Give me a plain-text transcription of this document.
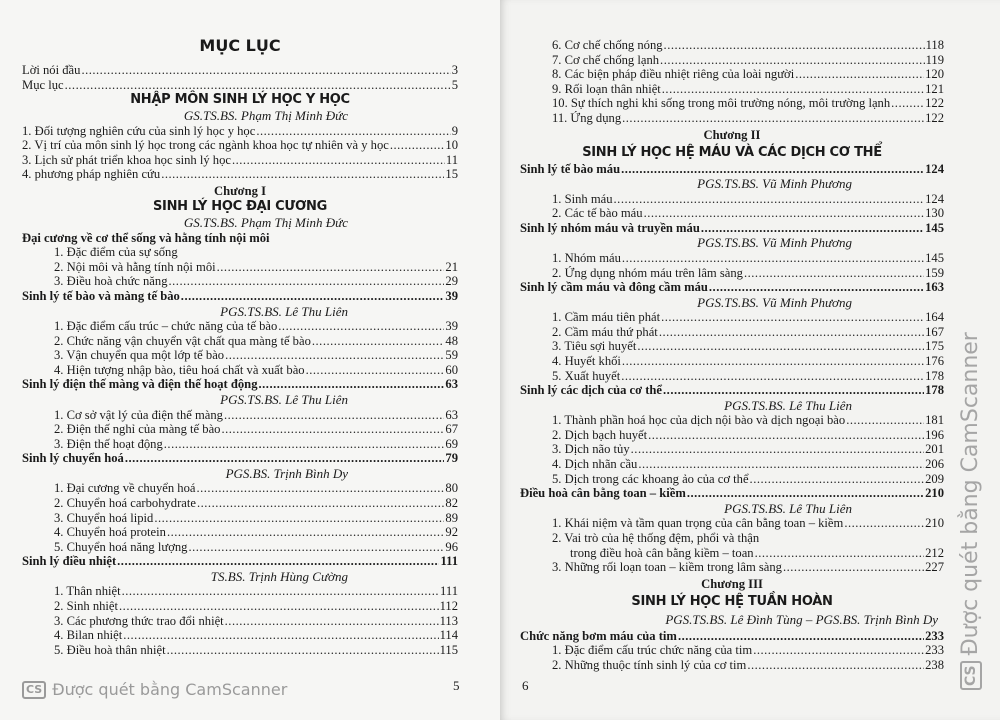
MỤC LỤC
Lời nói đầu .....	3
Mục lục .....	5
NHẬP MÔN SINH LÝ HỌC Y HỌC
GS.TS.BS. Phạm Thị Minh Đức
1. Đối tượng nghiên cứu của sinh lý học y học .....	9
2. Vị trí của môn sinh lý học trong các ngành khoa học tự nhiên và y học .....	10
3. Lịch sử phát triển khoa học sinh lý học .....	11
4. phương pháp nghiên cứu .....	15
Chương I
SINH LÝ HỌC ĐẠI CƯƠNG
GS.TS.BS. Phạm Thị Minh Đức
Đại cương về cơ thể sống và hằng tính nội môi
1. Đặc điểm của sự sống
2. Nội môi và hằng tính nội môi .....	21
3. Điều hoà chức năng .....	29
Sinh lý tế bào và màng tế bào .....	39
PGS.TS.BS. Lê Thu Liên
1. Đặc điểm cấu trúc – chức năng của tế bào .....	39
2. Chức năng vận chuyển vật chất qua màng tế bào .....	48
3. Vận chuyển qua một lớp tế bào .....	59
4. Hiện tượng nhập bào, tiêu hoá chất và xuất bào .....	60
Sinh lý điện thế màng và điện thế hoạt động .....	63
PGS.TS.BS. Lê Thu Liên
1. Cơ sở vật lý của điện thế màng .....	63
2. Điện thế nghỉ của màng tế bào .....	67
3. Điện thế hoạt động .....	69
Sinh lý chuyển hoá .....	79
PGS.BS. Trịnh Bình Dy
1. Đại cương về chuyển hoá .....	80
2. Chuyển hoá carbohydrate .....	82
3. Chuyển hoá lipid .....	89
4. Chuyển hoá protein .....	92
5. Chuyển hoá năng lượng .....	96
Sinh lý điều nhiệt .....	111
TS.BS. Trịnh Hùng Cường
1. Thân nhiệt .....	111
2. Sinh nhiệt .....	112
3. Các phương thức trao đổi nhiệt .....	113
4. Bilan nhiệt .....	114
5. Điều hoà thân nhiệt .....	115
5
CS Được quét bằng CamScanner
6. Cơ chế chống nóng .....	118
7. Cơ chế chống lạnh .....	119
8. Các biện pháp điều nhiệt riêng của loài người .....	120
9. Rối loạn thân nhiệt .....	121
10. Sự thích nghi khi sống trong môi trường nóng, môi trường lạnh .....	122
11. Ứng dụng .....	122
Chương II
SINH LÝ HỌC HỆ MÁU VÀ CÁC DỊCH CƠ THỂ
Sinh lý tế bào máu .....	124
PGS.TS.BS. Vũ Minh Phương
1. Sinh máu .....	124
2. Các tế bào máu .....	130
Sinh lý nhóm máu và truyền máu .....	145
PGS.TS.BS. Vũ Minh Phương
1. Nhóm máu .....	145
2. Ứng dụng nhóm máu trên lâm sàng .....	159
Sinh lý cầm máu và đông cầm máu .....	163
PGS.TS.BS. Vũ Minh Phương
1. Cầm máu tiên phát .....	164
2. Cầm máu thứ phát .....	167
3. Tiêu sợi huyết .....	175
4. Huyết khối .....	176
5. Xuất huyết .....	178
Sinh lý các dịch của cơ thể .....	178
PGS.TS.BS. Lê Thu Liên
1. Thành phần hoá học của dịch nội bào và dịch ngoại bào .....	181
2. Dịch bạch huyết .....	196
3. Dịch não tủy .....	201
4. Dịch nhãn cầu .....	206
5. Dịch trong các khoang ảo của cơ thể .....	209
Điều hoà cân bằng toan – kiềm .....	210
PGS.TS.BS. Lê Thu Liên
1. Khái niệm và tầm quan trọng của cân bằng toan – kiềm .....	210
2. Vai trò của hệ thống đệm, phổi và thận
trong điều hoà cân bằng kiềm – toan .....	212
3. Những rối loạn toan – kiềm trong lâm sàng .....	227
Chương III
SINH LÝ HỌC HỆ TUẦN HOÀN
PGS.TS.BS. Lê Đình Tùng – PGS.BS. Trịnh Bình Dy
Chức năng bơm máu của tim .....	233
1. Đặc điểm cấu trúc chức năng của tim .....	233
2. Những thuộc tính sinh lý của cơ tim .....	238
6	CS
Được quét bằng CamScanner
